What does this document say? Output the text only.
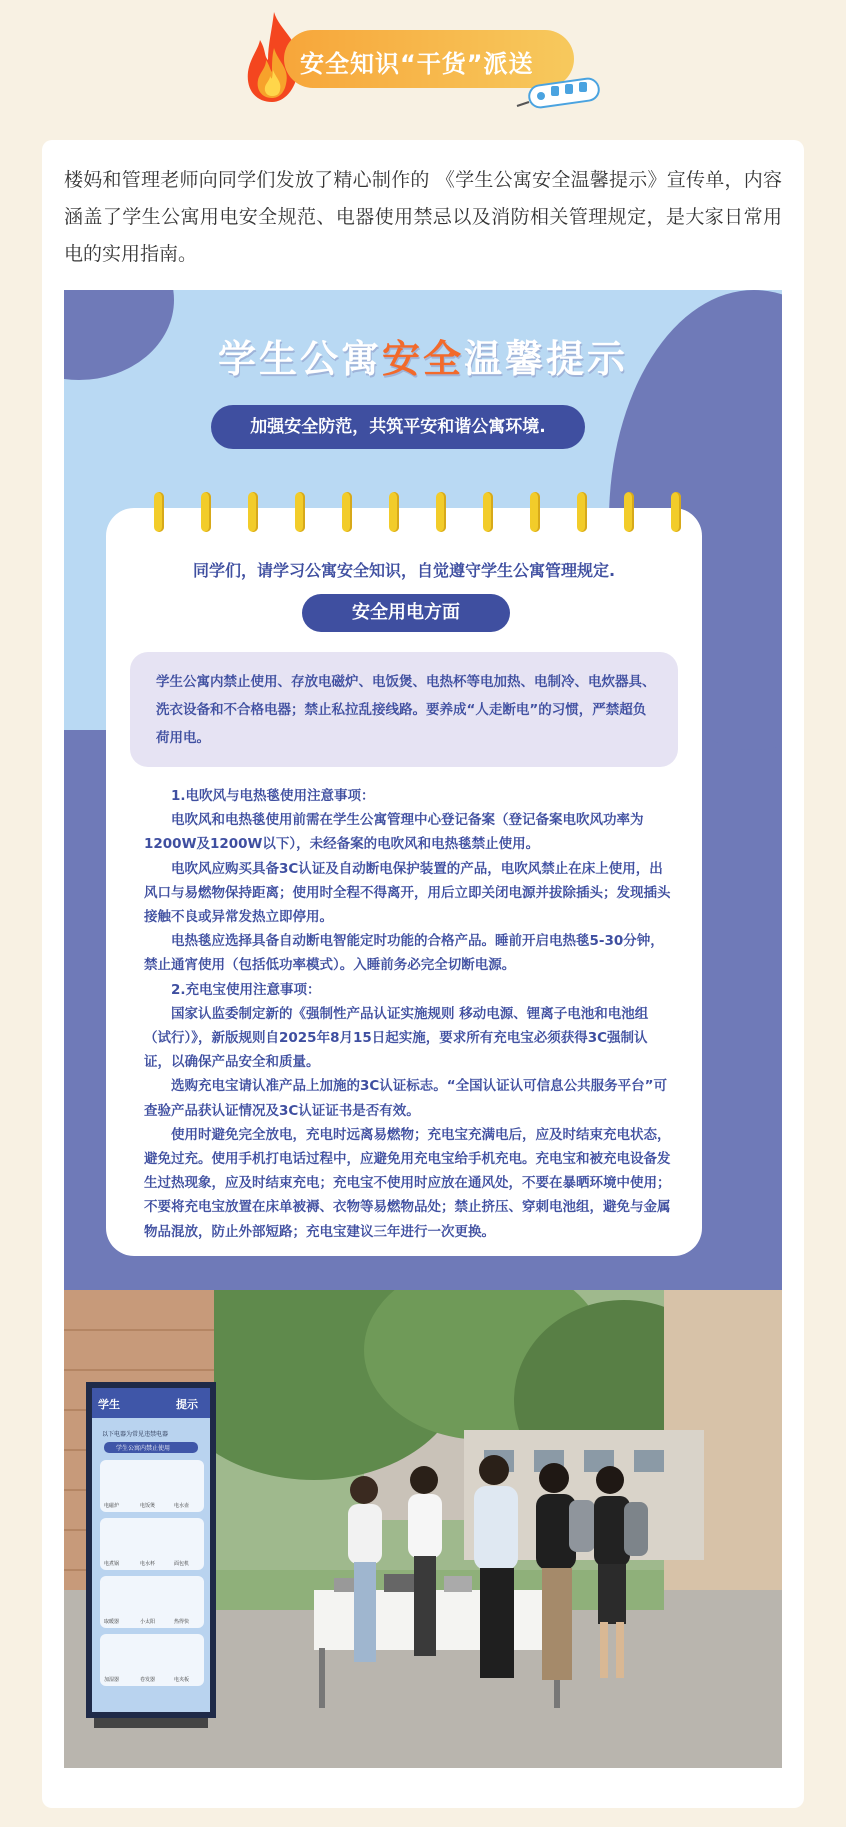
安全知识“干货”派送

楼妈和管理老师向同学们发放了精心制作的 《学生公寓安全温馨提示》宣传单，内容涵盖了学生公寓用电安全规范、电器使用禁忌以及消防相关管理规定，是大家日常用电的实用指南。

学生公寓安全温馨提示
加强安全防范，共筑平安和谐公寓环境.
同学们，请学习公寓安全知识，自觉遵守学生公寓管理规定.
安全用电方面

学生公寓内禁止使用、存放电磁炉、电饭煲、电热杯等电加热、电制冷、电炊器具、洗衣设备和不合格电器；禁止私拉乱接线路。要养成“人走断电”的习惯，严禁超负荷用电。

1.电吹风与电热毯使用注意事项：

电吹风和电热毯使用前需在学生公寓管理中心登记备案（登记备案电吹风功率为1200W及1200W以下），未经备案的电吹风和电热毯禁止使用。

电吹风应购买具备3C认证及自动断电保护装置的产品，电吹风禁止在床上使用，出风口与易燃物保持距离；使用时全程不得离开，用后立即关闭电源并拔除插头；发现插头接触不良或异常发热立即停用。

电热毯应选择具备自动断电智能定时功能的合格产品。睡前开启电热毯5-30分钟，禁止通宵使用（包括低功率模式）。入睡前务必完全切断电源。

2.充电宝使用注意事项：

国家认监委制定新的《强制性产品认证实施规则 移动电源、锂离子电池和电池组（试行）》，新版规则自2025年8月15日起实施，要求所有充电宝必须获得3C强制认证，以确保产品安全和质量。

选购充电宝请认准产品上加施的3C认证标志。“全国认证认可信息公共服务平台”可查验产品获认证情况及3C认证证书是否有效。

使用时避免完全放电，充电时远离易燃物；充电宝充满电后，应及时结束充电状态，避免过充。使用手机打电话过程中，应避免用充电宝给手机充电。充电宝和被充电设备发生过热现象，应及时结束充电；充电宝不使用时应放在通风处，不要在暴晒环境中使用；不要将充电宝放置在床单被褥、衣物等易燃物品处；禁止挤压、穿刺电池组，避免与金属物品混放，防止外部短路；充电宝建议三年进行一次更换。

学生	提示
以下电器为常见违禁电器
学生公寓内禁止使用
电磁炉	电饭煲	电水壶
电煮锅	电水杯	面包机
取暖器	小太阳	热得快
加湿器	卷发器	电夹板
